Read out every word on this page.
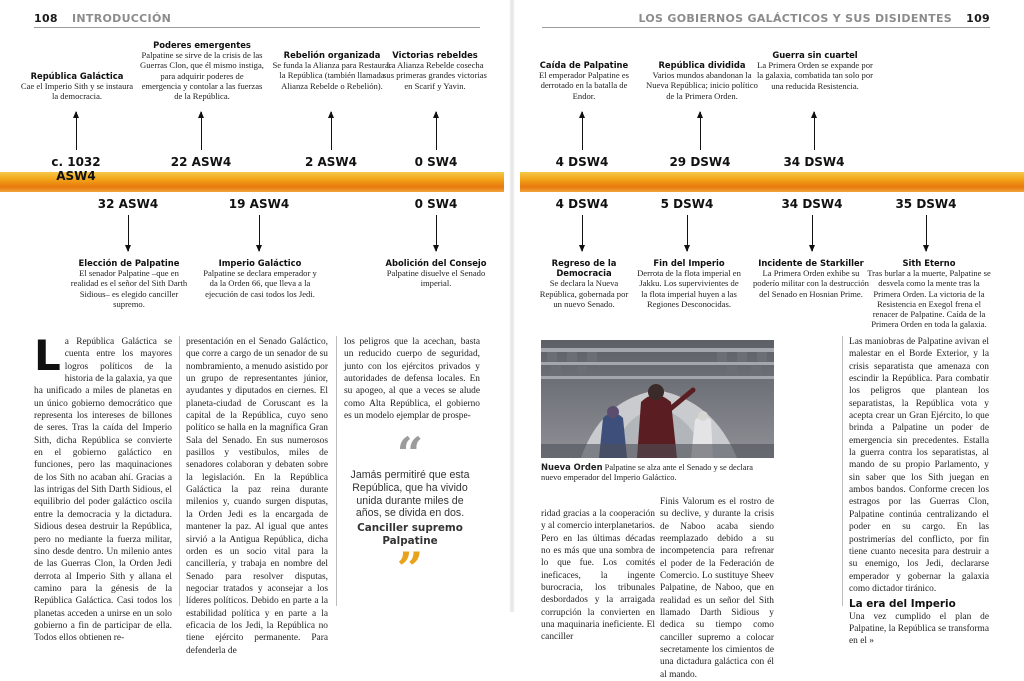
108 INTRODUCCIÓN	LOS GOBIERNOS GALÁCTICOS Y SUS DISIDENTES 109
República Galáctica
Cae el Imperio Sith y se instaura la democracia.
c. 1032 ASW4
Poderes emergentes
Palpatine se sirve de la crisis de las Guerras Clon, que él mismo instiga, para adquirir poderes de emergencia y contolar a las fuerzas de la República.
22 ASW4
Rebelión organizada
Se funda la Alianza para Restaurar la República (también llamada Alianza Rebelde o Rebelión).
2 ASW4
Victorias rebeldes
La Alianza Rebelde cosecha sus primeras grandes victorias en Scarif y Yavin.
0 SW4
Caída de Palpatine
El emperador Palpatine es derrotado en la batalla de Endor.
4 DSW4
República dividida
Varios mundos abandonan la Nueva República; inicio político de la Primera Orden.
29 DSW4
Guerra sin cuartel
La Primera Orden se expande por la galaxia, combatida tan solo por una reducida Resistencia.
34 DSW4
32 ASW4
Elección de Palpatine
El senador Palpatine –que en realidad es el señor del Sith Darth Sidious– es elegido canciller supremo.
19 ASW4
Imperio Galáctico
Palpatine se declara emperador y da la Orden 66, que lleva a la ejecución de casi todos los Jedi.
0 SW4
Abolición del Consejo
Palpatine disuelve el Senado imperial.
4 DSW4
Regreso de la Democracia
Se declara la Nueva República, gobernada por un nuevo Senado.
5 DSW4
Fin del Imperio
Derrota de la flota imperial en Jakku. Los supervivientes de la flota imperial huyen a las Regiones Desconocidas.
34 DSW4
Incidente de Starkiller
La Primera Orden exhibe su poderío militar con la destrucción del Senado en Hosnian Prime.
35 DSW4
Sith Eterno
Tras burlar a la muerte, Palpatine se desvela como la mente tras la Primera Orden. La victoria de la Resistencia en Exegol frena el renacer de Palpatine. Caída de la Primera Orden en toda la galaxia.
L a República Galáctica se cuenta entre los mayores logros políticos de la historia de la galaxia, ya que ha unificado a miles de planetas en un único gobierno democrático que representa los intereses de billones de seres. Tras la caída del Imperio Sith, dicha República se convierte en el gobierno galáctico en funciones, pero las maquinaciones de los Sith no acaban ahí. Gracias a las intrigas del Sith Darth Sidious, el equilibrio del poder galáctico oscila entre la democracia y la dictadura. Sidious desea destruir la República, pero no mediante la fuerza militar, sino desde dentro. Un milenio antes de las Guerras Clon, la Orden Jedi derrota al Imperio Sith y allana el camino para la génesis de la República Galáctica. Casi todos los planetas acceden a unirse en un solo gobierno a fin de participar de ella. Todos ellos obtienen re-
presentación en el Senado Galáctico, que corre a cargo de un senador de su nombramiento, a menudo asistido por un grupo de representantes júnior, ayudantes y diputados en ciernes. El planeta-ciudad de Coruscant es la capital de la República, cuyo seno político se halla en la magnífica Gran Sala del Senado. En sus numerosos pasillos y vestíbulos, miles de senadores colaboran y debaten sobre la legislación. En la República Galáctica la paz reina durante milenios y, cuando surgen disputas, la Orden Jedi es la encargada de mantener la paz. Al igual que antes sirvió a la Antigua República, dicha orden es un socio vital para la cancillería, y trabaja en nombre del Senado para resolver disputas, negociar tratados y aconsejar a los líderes políticos. Debido en parte a la estabilidad política y en parte a la eficacia de los Jedi, la República no tiene ejército permanente. Para defenderla de
los peligros que la acechan, basta un reducido cuerpo de seguridad, junto con los ejércitos privados y autoridades de defensa locales. En su apogeo, al que a veces se alude como Alta República, el gobierno es un modelo ejemplar de prospe-
“
Jamás permitiré que esta República, que ha vivido unida durante miles de años, se divida en dos.
Canciller supremo Palpatine
”
Nueva Orden Palpatine se alza ante el Senado y se declara nuevo emperador del Imperio Galáctico.
ridad gracias a la cooperación y al comercio interplanetarios. Pero en las últimas décadas no es más que una sombra de lo que fue. Los comités ineficaces, la ingente burocracia, los tribunales desbordados y la arraigada corrupción la convierten en una maquinaria ineficiente. El canciller
Finis Valorum es el rostro de su declive, y durante la crisis de Naboo acaba siendo reemplazado debido a su incompetencia para refrenar el poder de la Federación de Comercio. Lo sustituye Sheev Palpatine, de Naboo, que en realidad es un señor del Sith llamado Darth Sidious y dedica su tiempo como canciller supremo a colocar secretamente los cimientos de una dictadura galáctica con él al mando.
Las maniobras de Palpatine avivan el malestar en el Borde Exterior, y la crisis separatista que amenaza con escindir la República. Para combatir los peligros que plantean los separatistas, la República vota y acepta crear un Gran Ejército, lo que brinda a Palpatine un poder de emergencia sin precedentes. Estalla la guerra contra los separatistas, al mando de su propio Parlamento, y sin saber que los Sith juegan en ambos bandos. Conforme crecen los estragos por las Guerras Clon, Palpatine continúa centralizando el poder en su cargo. En las postrimerías del conflicto, por fin tiene cuanto necesita para destruir a su enemigo, los Jedi, declararse emperador y gobernar la galaxia como dictador tiránico.
La era del Imperio
Una vez cumplido el plan de Palpatine, la República se transforma en el »
